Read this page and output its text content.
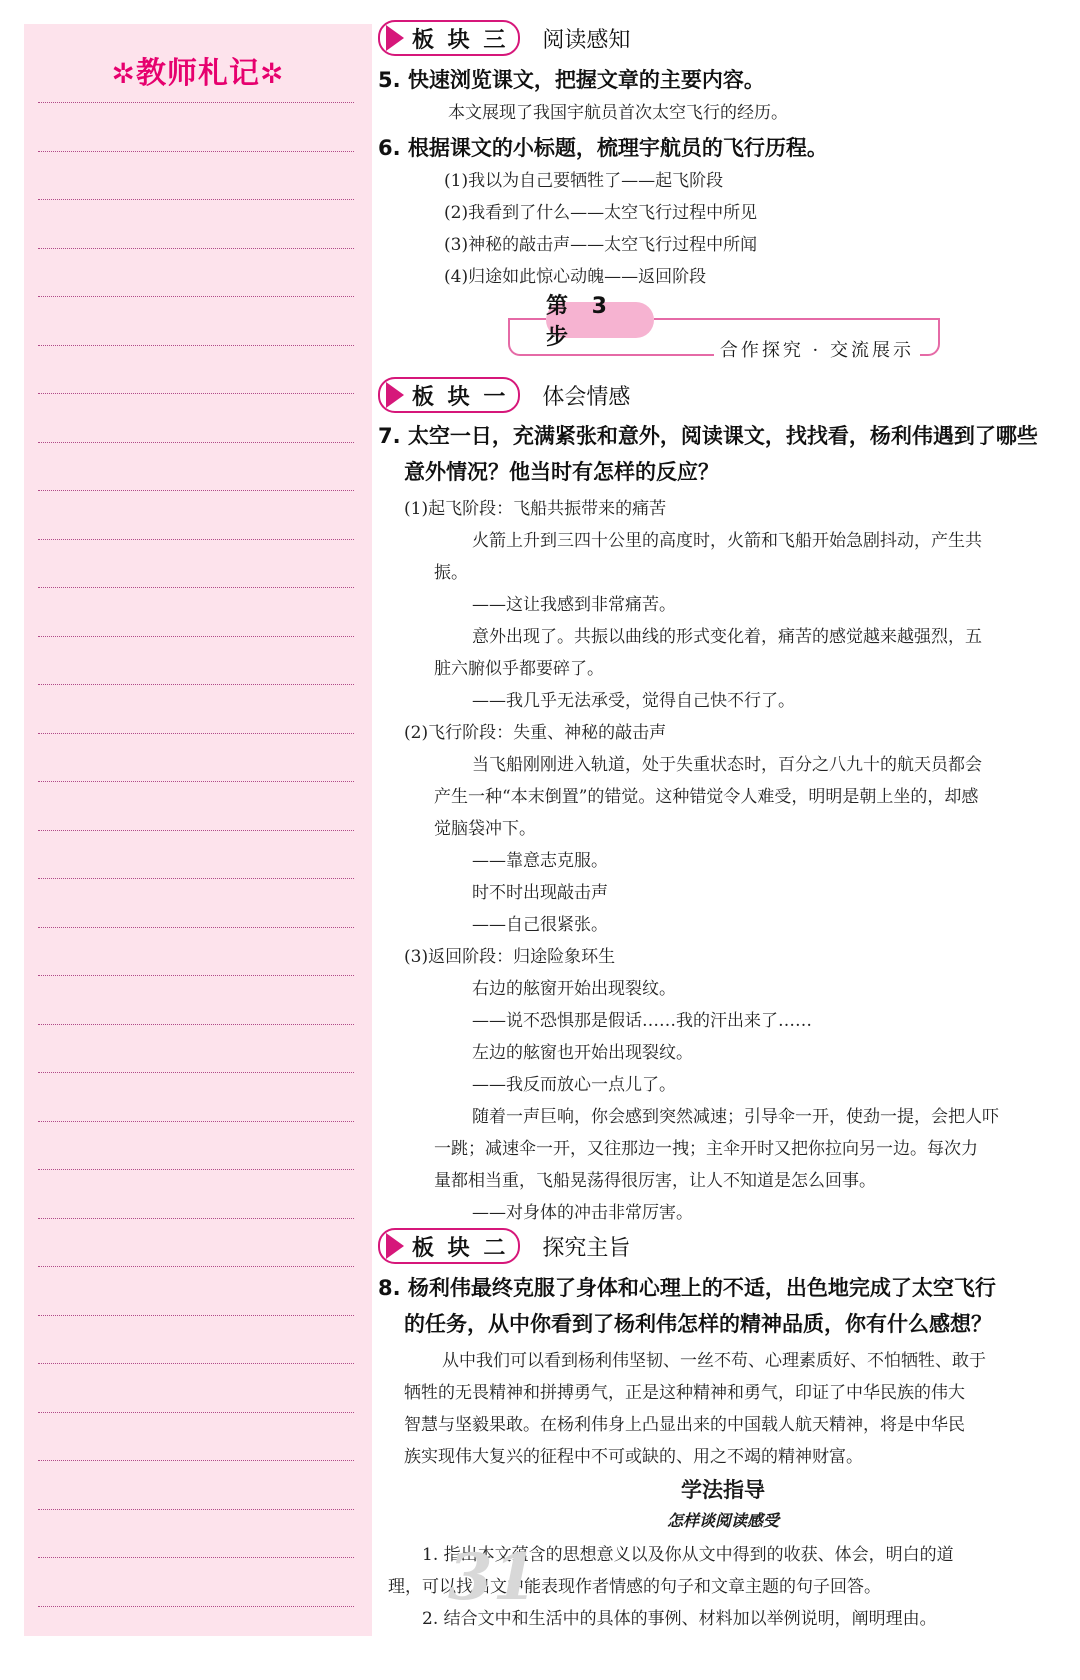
✲教师札记✲
板 块 三 阅读感知
5. 快速浏览课文，把握文章的主要内容。
本文展现了我国宇航员首次太空飞行的经历。
6. 根据课文的小标题，梳理宇航员的飞行历程。
(1)我以为自己要牺牲了——起飞阶段
(2)我看到了什么——太空飞行过程中所见
(3)神秘的敲击声——太空飞行过程中所闻
(4)归途如此惊心动魄——返回阶段
第 3 步
合作探究 · 交流展示
板 块 一 体会情感
7. 太空一日，充满紧张和意外，阅读课文，找找看，杨利伟遇到了哪些
意外情况？他当时有怎样的反应？
(1)起飞阶段：飞船共振带来的痛苦
火箭上升到三四十公里的高度时，火箭和飞船开始急剧抖动，产生共
振。
——这让我感到非常痛苦。
意外出现了。共振以曲线的形式变化着，痛苦的感觉越来越强烈，五
脏六腑似乎都要碎了。
——我几乎无法承受，觉得自己快不行了。
(2)飞行阶段：失重、神秘的敲击声
当飞船刚刚进入轨道，处于失重状态时，百分之八九十的航天员都会
产生一种“本末倒置”的错觉。这种错觉令人难受，明明是朝上坐的，却感
觉脑袋冲下。
——靠意志克服。
时不时出现敲击声
——自己很紧张。
(3)返回阶段：归途险象环生
右边的舷窗开始出现裂纹。
——说不恐惧那是假话……我的汗出来了……
左边的舷窗也开始出现裂纹。
——我反而放心一点儿了。
随着一声巨响，你会感到突然减速；引导伞一开，使劲一提，会把人吓
一跳；减速伞一开，又往那边一拽；主伞开时又把你拉向另一边。每次力
量都相当重，飞船晃荡得很厉害，让人不知道是怎么回事。
——对身体的冲击非常厉害。
板 块 二 探究主旨
8. 杨利伟最终克服了身体和心理上的不适，出色地完成了太空飞行
的任务，从中你看到了杨利伟怎样的精神品质，你有什么感想？
从中我们可以看到杨利伟坚韧、一丝不苟、心理素质好、不怕牺牲、敢于
牺牲的无畏精神和拼搏勇气，正是这种精神和勇气，印证了中华民族的伟大
智慧与坚毅果敢。在杨利伟身上凸显出来的中国载人航天精神，将是中华民
族实现伟大复兴的征程中不可或缺的、用之不竭的精神财富。
学法指导
怎样谈阅读感受
1. 指出本文蕴含的思想意义以及你从文中得到的收获、体会，明白的道
理，可以找出文中能表现作者情感的句子和文章主题的句子回答。
2. 结合文中和生活中的具体的事例、材料加以举例说明，阐明理由。
31
